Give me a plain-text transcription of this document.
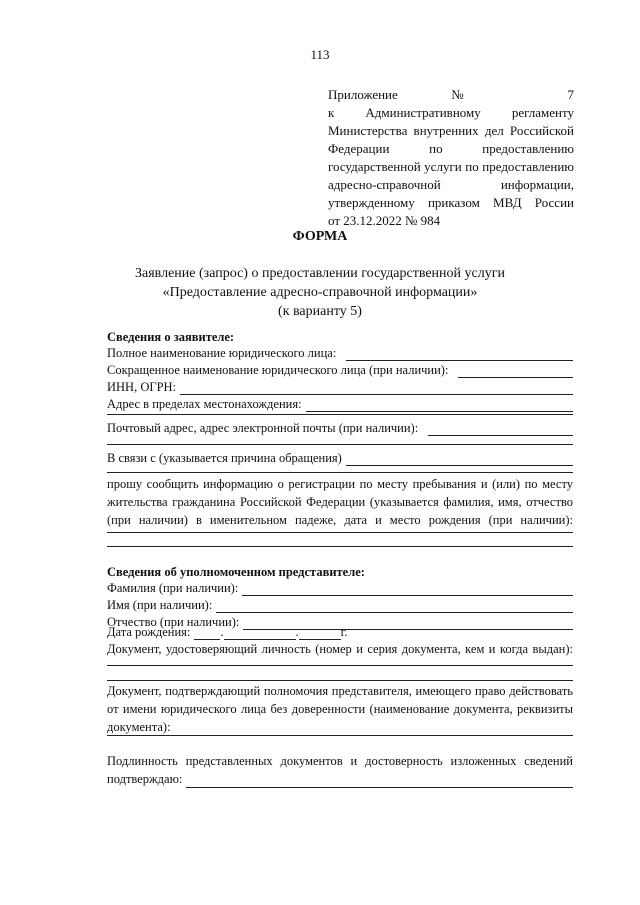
113
Приложение № 7
к Административному регламенту
Министерства внутренних дел Российской
Федерации по предоставлению
государственной услуги по предоставлению
адресно-справочной информации,
утвержденному приказом МВД России
от 23.12.2022 № 984
ФОРМА
Заявление (запрос) о предоставлении государственной услуги
«Предоставление адресно-справочной информации»
(к варианту 5)
Сведения о заявителе:
Полное наименование юридического лица:
Сокращенное наименование юридического лица (при наличии):
ИНН, ОГРН:
Адрес в пределах местонахождения:
Почтовый адрес, адрес электронной почты (при наличии):
В связи с (указывается причина обращения)
прошу сообщить информацию о регистрации по месту пребывания и (или) по месту
жительства гражданина Российской Федерации (указывается фамилия, имя, отчество
(при наличии) в именительном падеже, дата и место рождения (при наличии):
Сведения об уполномоченном представителе:
Фамилия (при наличии):
Имя (при наличии):
Отчество (при наличии):
Дата рождения: .	.	г.
Документ, удостоверяющий личность (номер и серия документа, кем и когда выдан):
Документ, подтверждающий полномочия представителя, имеющего право действовать
от имени юридического лица без доверенности (наименование документа, реквизиты
документа):
Подлинность представленных документов и достоверность изложенных сведений
подтверждаю:
